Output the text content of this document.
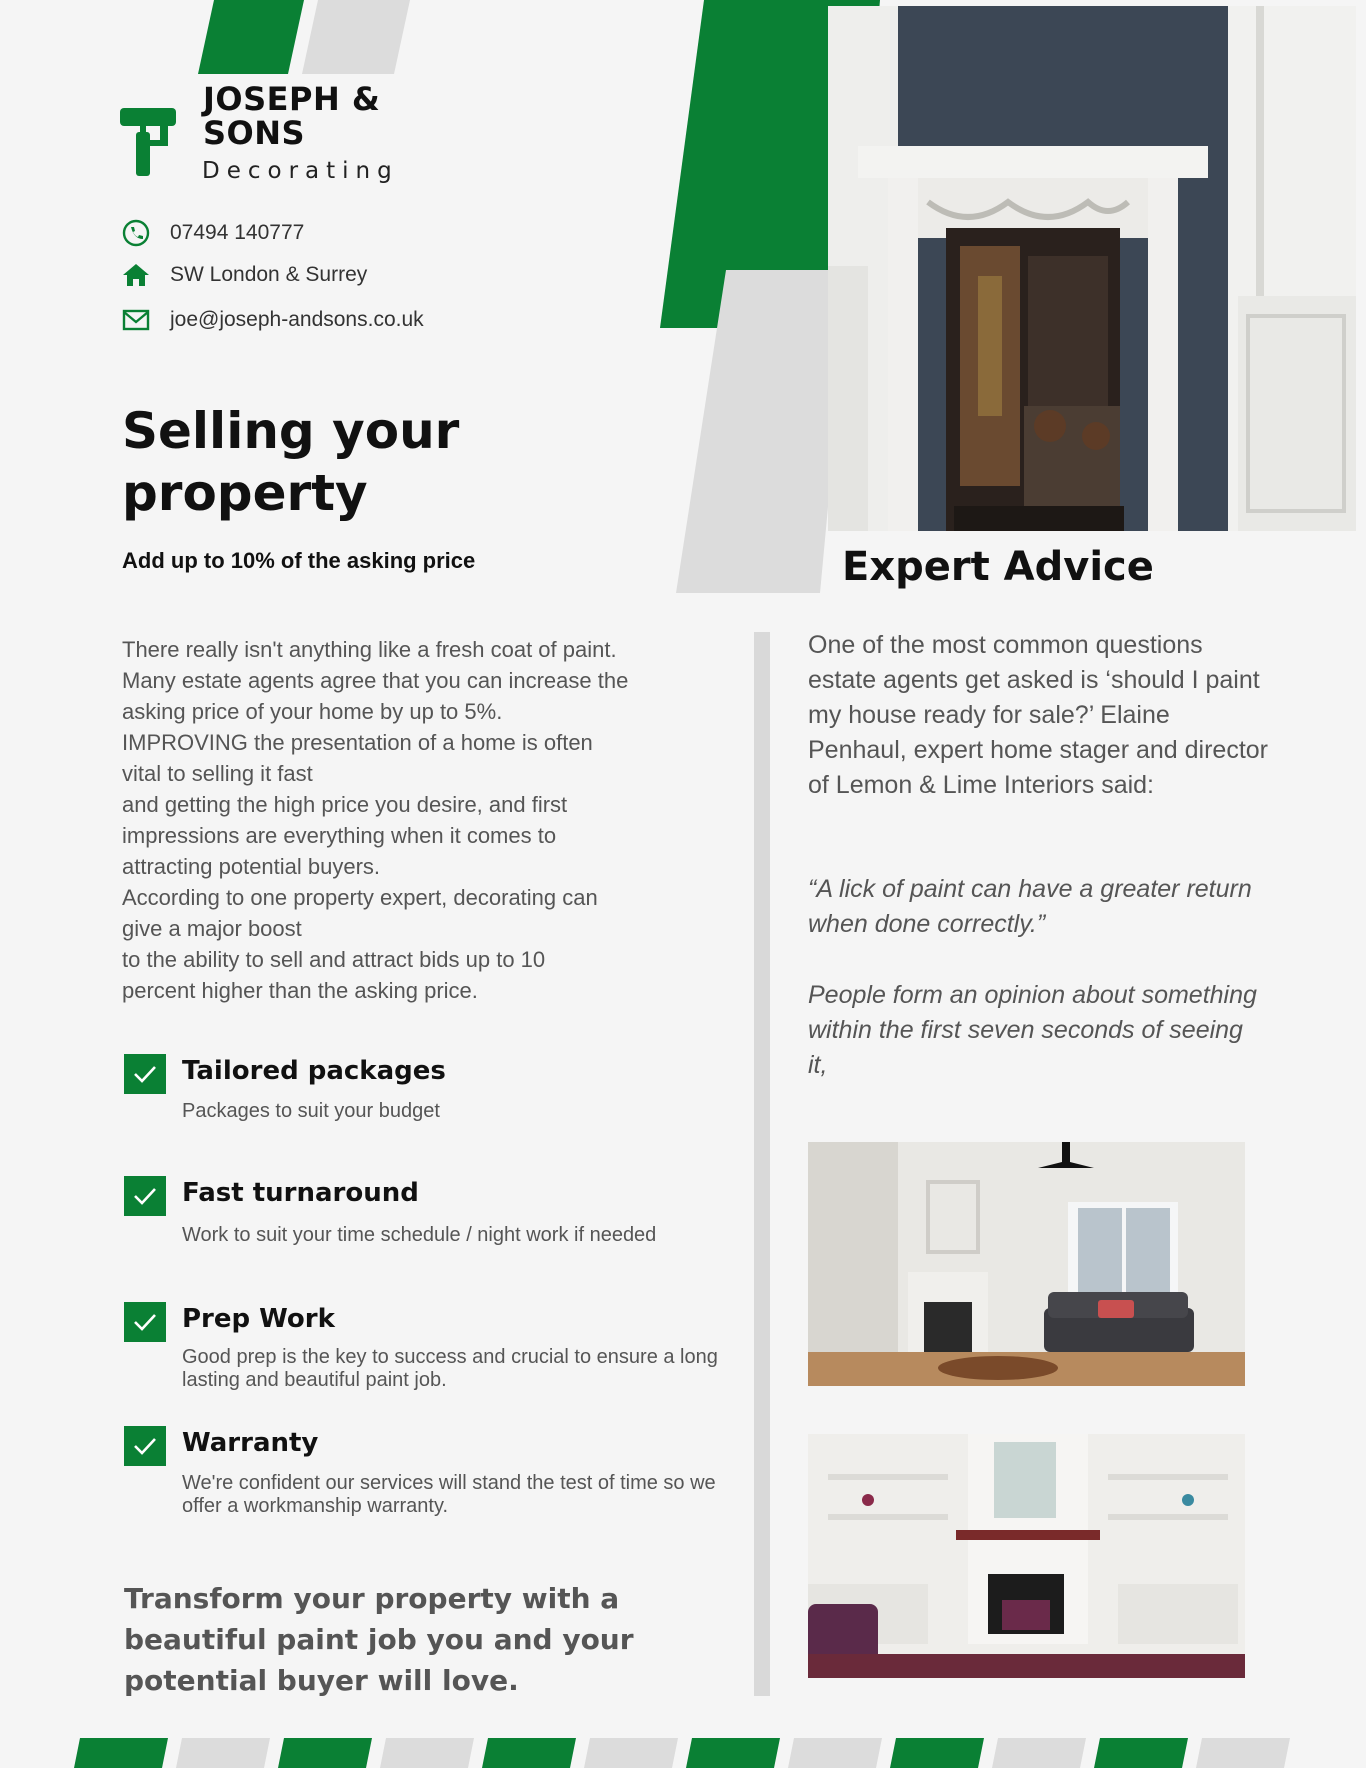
JOSEPH & SONS
Decorating
07494 140777
SW London & Surrey
joe@joseph-andsons.co.uk
Selling your property
Add up to 10% of the asking price

There really isn't anything like a fresh coat of paint.

Many estate agents agree that you can increase the

asking price of your home by up to 5%.

IMPROVING the presentation of a home is often

vital to selling it fast

and getting the high price you desire, and first

impressions are everything when it comes to

attracting potential buyers.

According to one property expert, decorating can

give a major boost

to the ability to sell and attract bids up to 10

percent higher than the asking price.

Tailored packages
Packages to suit your budget
Fast turnaround
Work to suit your time schedule / night work if needed
Prep Work
Good prep is the key to success and crucial to ensure a long lasting and beautiful paint job.
Warranty
We're confident our services will stand the test of time so we offer a workmanship warranty.
Transform your property with a beautiful paint job you and your potential buyer will love.
Expert Advice
One of the most common questions estate agents get asked is ‘should I paint my house ready for sale?’ Elaine Penhaul, expert home stager and director of Lemon & Lime Interiors said:
“A lick of paint can have a greater return when done correctly.”
People form an opinion about something within the first seven seconds of seeing it,
